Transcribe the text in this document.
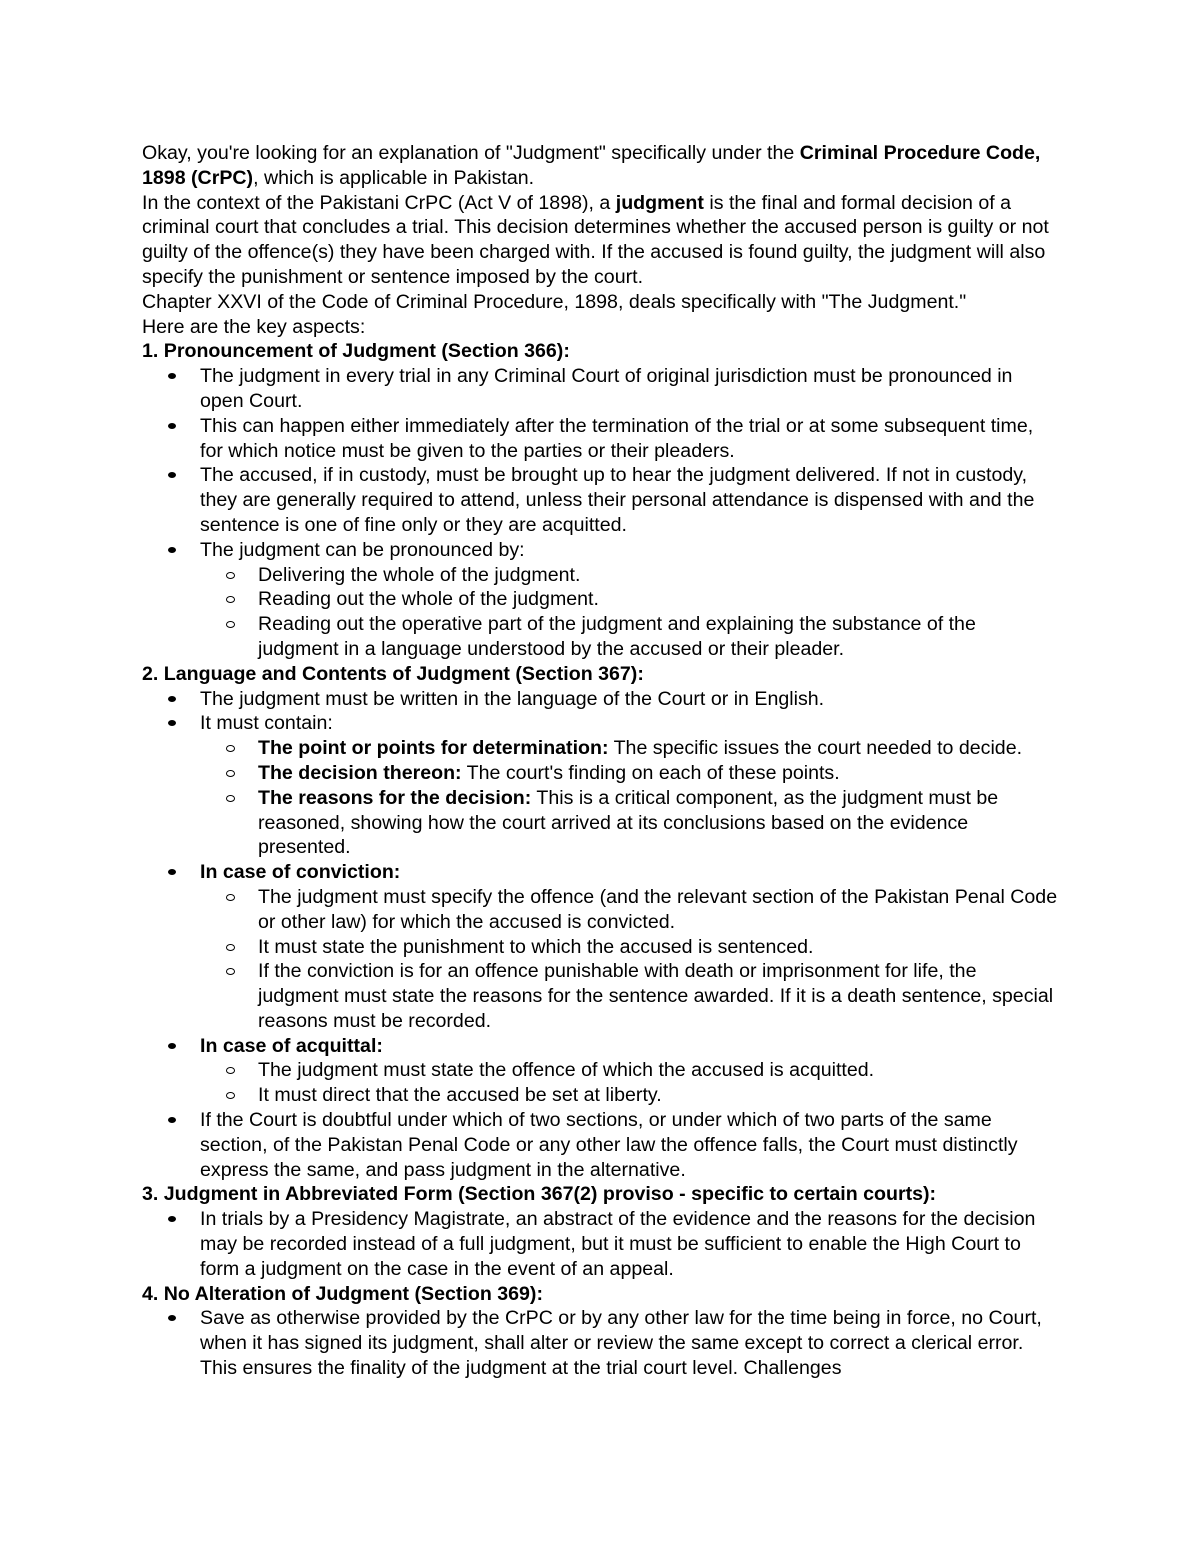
Okay, you're looking for an explanation of "Judgment" specifically under the Criminal Procedure Code, 1898 (CrPC), which is applicable in Pakistan.

In the context of the Pakistani CrPC (Act V of 1898), a judgment is the final and formal decision of a criminal court that concludes a trial. This decision determines whether the accused person is guilty or not guilty of the offence(s) they have been charged with. If the accused is found guilty, the judgment will also specify the punishment or sentence imposed by the court.

Chapter XXVI of the Code of Criminal Procedure, 1898, deals specifically with "The Judgment."

Here are the key aspects:

1. Pronouncement of Judgment (Section 366):

The judgment in every trial in any Criminal Court of original jurisdiction must be pronounced in open Court.
This can happen either immediately after the termination of the trial or at some subsequent time, for which notice must be given to the parties or their pleaders.
The accused, if in custody, must be brought up to hear the judgment delivered. If not in custody, they are generally required to attend, unless their personal attendance is dispensed with and the sentence is one of fine only or they are acquitted.
The judgment can be pronounced by:
Delivering the whole of the judgment.
Reading out the whole of the judgment.
Reading out the operative part of the judgment and explaining the substance of the judgment in a language understood by the accused or their pleader.

2. Language and Contents of Judgment (Section 367):

The judgment must be written in the language of the Court or in English.
It must contain:
The point or points for determination: The specific issues the court needed to decide.
The decision thereon: The court's finding on each of these points.
The reasons for the decision: This is a critical component, as the judgment must be reasoned, showing how the court arrived at its conclusions based on the evidence presented.
In case of conviction:
The judgment must specify the offence (and the relevant section of the Pakistan Penal Code or other law) for which the accused is convicted.
It must state the punishment to which the accused is sentenced.
If the conviction is for an offence punishable with death or imprisonment for life, the judgment must state the reasons for the sentence awarded. If it is a death sentence, special reasons must be recorded.
In case of acquittal:
The judgment must state the offence of which the accused is acquitted.
It must direct that the accused be set at liberty.
If the Court is doubtful under which of two sections, or under which of two parts of the same section, of the Pakistan Penal Code or any other law the offence falls, the Court must distinctly express the same, and pass judgment in the alternative.

3. Judgment in Abbreviated Form (Section 367(2) proviso - specific to certain courts):

In trials by a Presidency Magistrate, an abstract of the evidence and the reasons for the decision may be recorded instead of a full judgment, but it must be sufficient to enable the High Court to form a judgment on the case in the event of an appeal.

4. No Alteration of Judgment (Section 369):

Save as otherwise provided by the CrPC or by any other law for the time being in force, no Court, when it has signed its judgment, shall alter or review the same except to correct a clerical error. This ensures the finality of the judgment at the trial court level. Challenges
